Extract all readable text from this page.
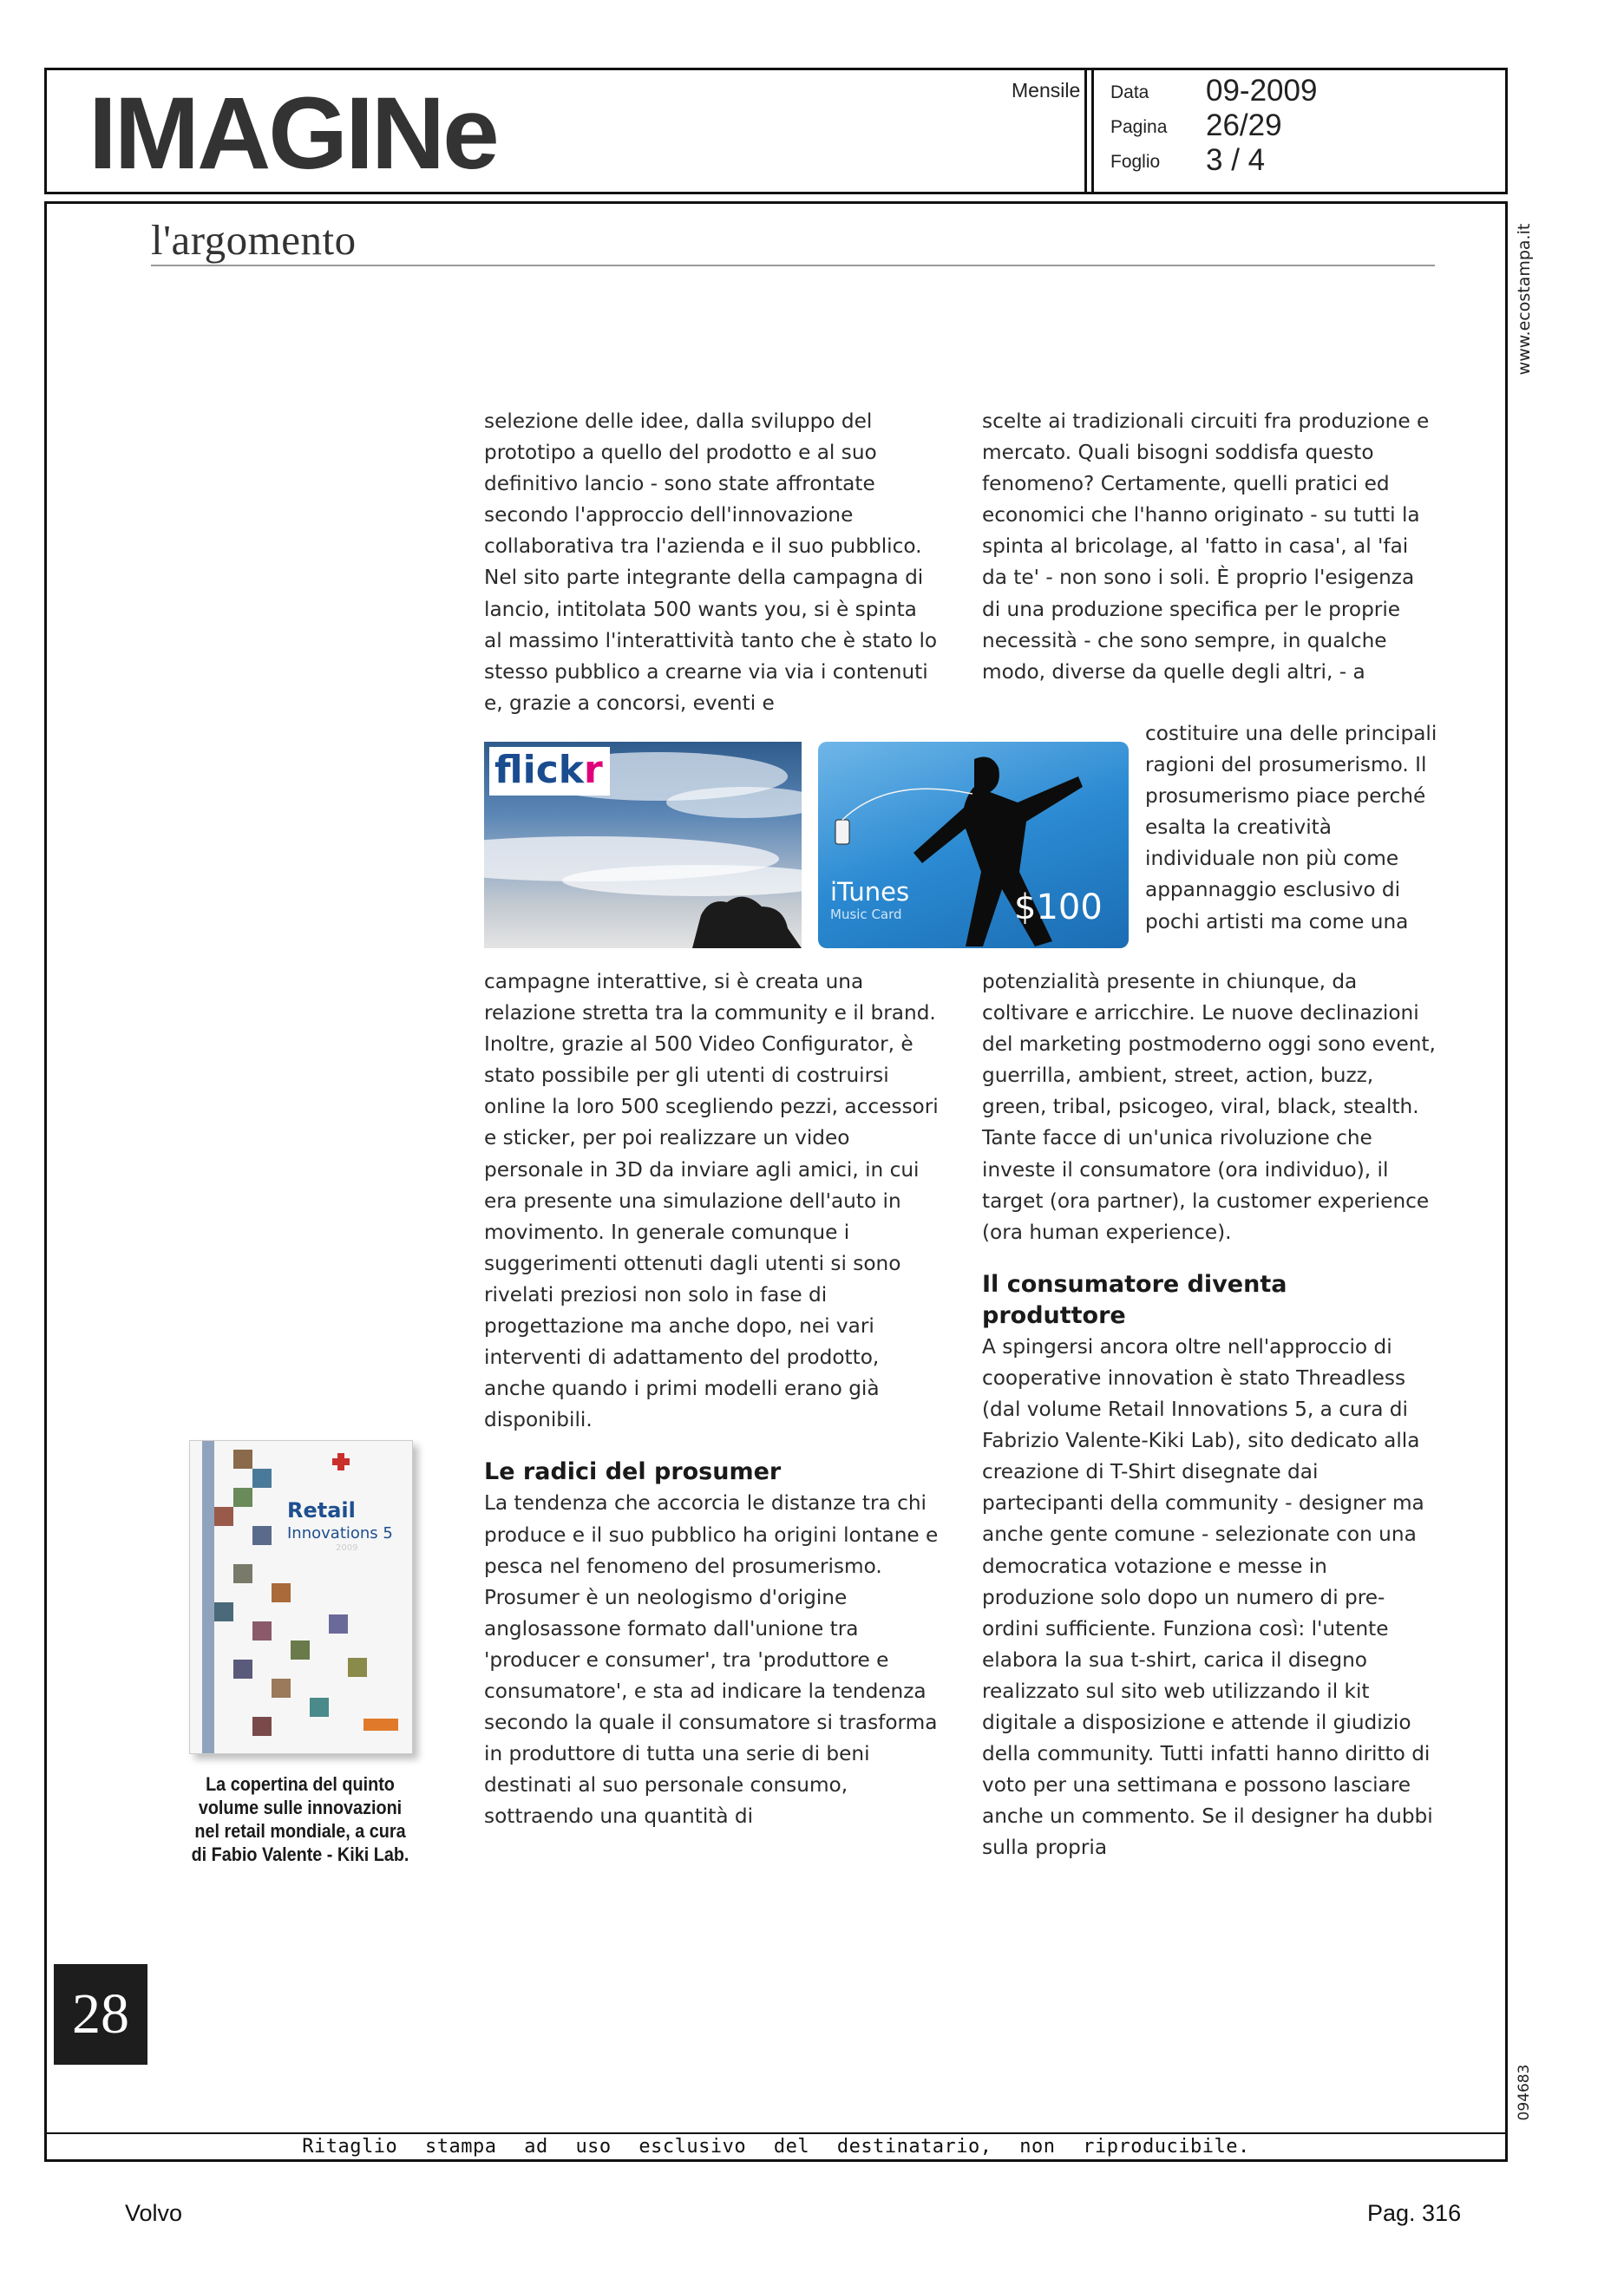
IMAGINe	Mensile Data 09-2009
Pagina 26/29
Foglio 3 / 4
l'argomento

selezione delle idee, dalla sviluppo del prototipo a quello del prodotto e al suo definitivo lancio - sono state affrontate secondo l'approccio dell'innovazione collaborativa tra l'azienda e il suo pubblico. Nel sito parte integrante della campagna di lancio, intitolata 500 wants you, si è spinta al massimo l'interattività tanto che è stato lo stesso pubblico a crearne via via i contenuti e, grazie a concorsi, eventi e

flickr
iTunes
Music Card	$100

campagne interattive, si è creata una relazione stretta tra la community e il brand. Inoltre, grazie al 500 Video Configurator, è stato possibile per gli utenti di costruirsi online la loro 500 scegliendo pezzi, accessori e sticker, per poi realizzare un video personale in 3D da inviare agli amici, in cui era presente una simulazione dell'auto in movimento. In generale comunque i suggerimenti ottenuti dagli utenti si sono rivelati preziosi non solo in fase di progettazione ma anche dopo, nei vari interventi di adattamento del prodotto, anche quando i primi modelli erano già disponibili.

Le radici del prosumer

La tendenza che accorcia le distanze tra chi produce e il suo pubblico ha origini lontane e pesca nel fenomeno del prosumerismo. Prosumer è un neologismo d'origine anglosassone formato dall'unione tra 'producer e consumer', tra 'produttore e consumatore', e sta ad indicare la tendenza secondo la quale il consumatore si trasforma in produttore di tutta una serie di beni destinati al suo personale consumo, sottraendo una quantità di

scelte ai tradizionali circuiti fra produzione e mercato. Quali bisogni soddisfa questo fenomeno? Certamente, quelli pratici ed economici che l'hanno originato - su tutti la spinta al bricolage, al 'fatto in casa', al 'fai da te' - non sono i soli. È proprio l'esigenza di una produzione specifica per le proprie necessità - che sono sempre, in qualche modo, diverse da quelle degli altri, - a

costituire una delle principali ragioni del prosumerismo. Il prosumerismo piace perché esalta la creatività individuale non più come appannaggio esclusivo di pochi artisti ma come una

potenzialità presente in chiunque, da coltivare e arricchire. Le nuove declinazioni del marketing postmoderno oggi sono event, guerrilla, ambient, street, action, buzz, green, tribal, psicogeo, viral, black, stealth. Tante facce di un'unica rivoluzione che investe il consumatore (ora individuo), il target (ora partner), la customer experience (ora human experience).

Il consumatore diventa produttore

A spingersi ancora oltre nell'approccio di cooperative innovation è stato Threadless (dal volume Retail Innovations 5, a cura di Fabrizio Valente-Kiki Lab), sito dedicato alla creazione di T-Shirt disegnate dai partecipanti della community - designer ma anche gente comune - selezionate con una democratica votazione e messe in produzione solo dopo un numero di pre-ordini sufficiente. Funziona così: l'utente elabora la sua t-shirt, carica il disegno realizzato sul sito web utilizzando il kit digitale a disposizione e attende il giudizio della community. Tutti infatti hanno diritto di voto per una settimana e possono lasciare anche un commento. Se il designer ha dubbi sulla propria

Retail
Innovations 5
2009
La copertina del quinto volume sulle innovazioni nel retail mondiale, a cura di Fabio Valente - Kiki Lab.
28
www.ecostampa.it
094683
Ritaglio stampa ad uso esclusivo del destinatario, non riproducibile.
Volvo	Pag. 316
